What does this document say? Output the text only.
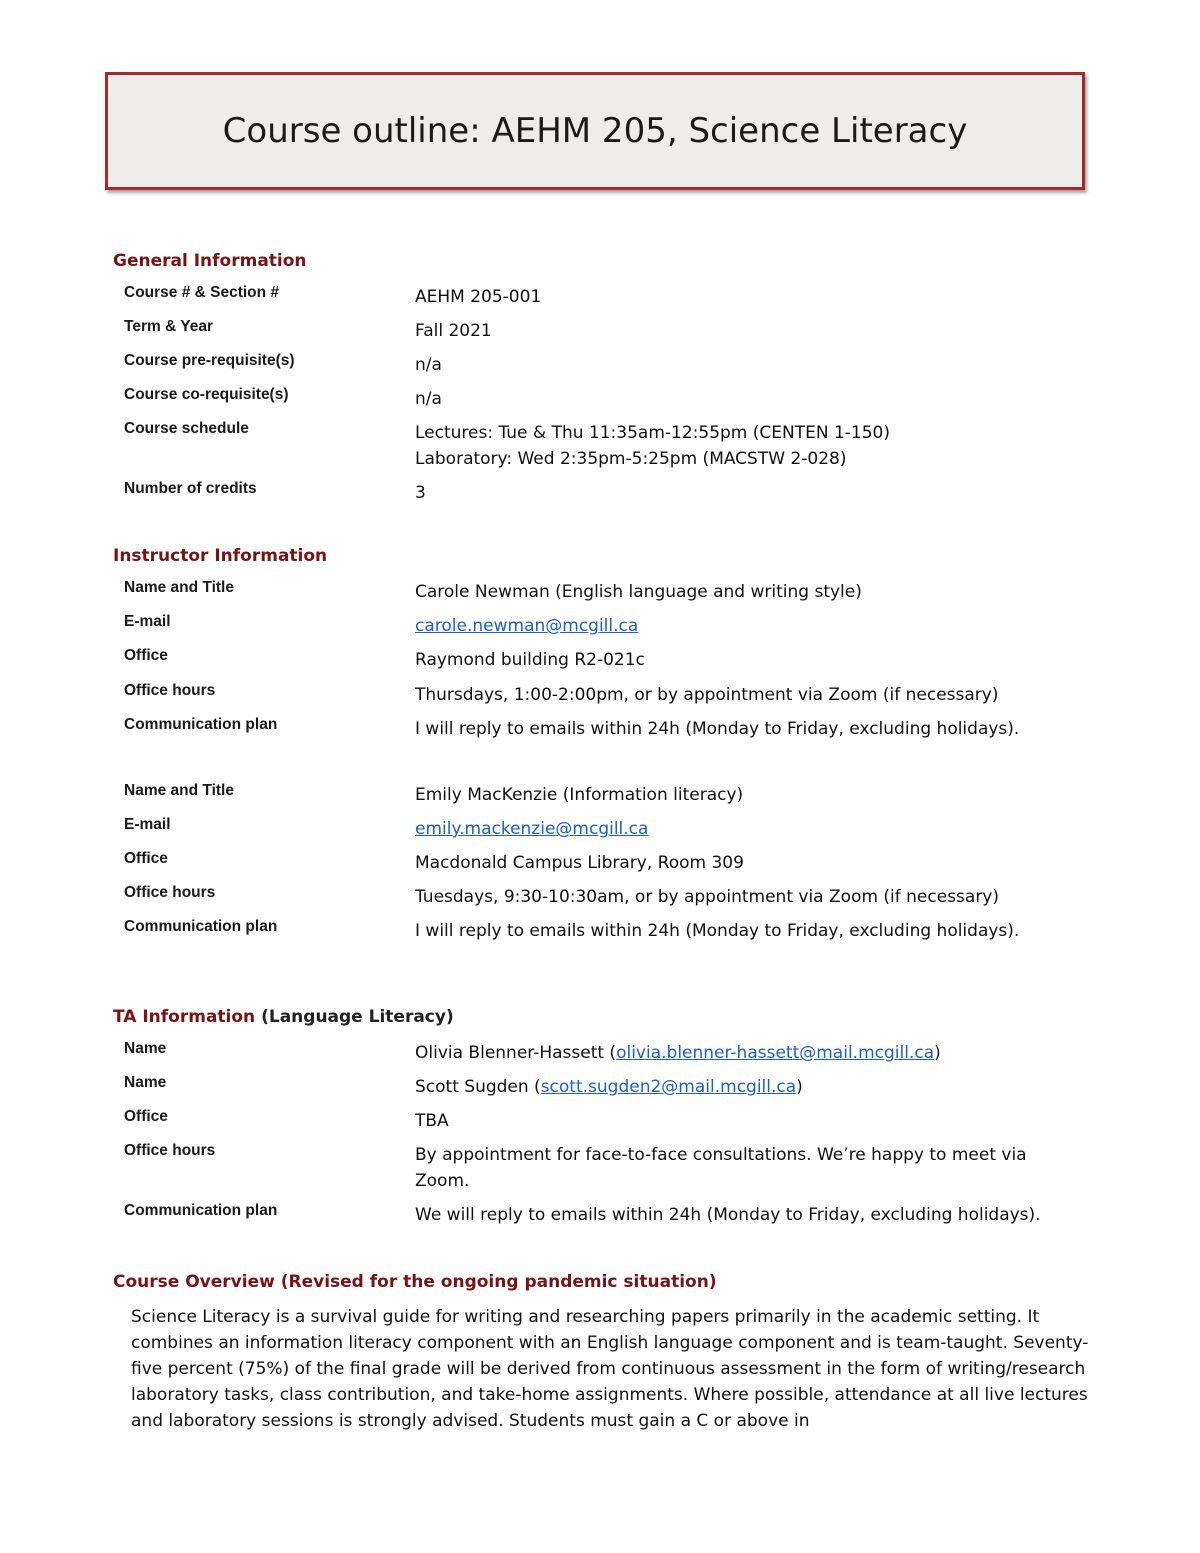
Course outline: AEHM 205, Science Literacy
General Information
Course # & Section #	AEHM 205-001
Term & Year	Fall 2021
Course pre-requisite(s)	n/a
Course co-requisite(s)	n/a
Course schedule	Lectures: Tue & Thu 11:35am-12:55pm (CENTEN 1-150)
Laboratory: Wed 2:35pm-5:25pm (MACSTW 2-028)
Number of credits	3
Instructor Information
Name and Title	Carole Newman (English language and writing style)
E-mail	carole.newman@mcgill.ca
Office	Raymond building R2-021c
Office hours	Thursdays, 1:00-2:00pm, or by appointment via Zoom (if necessary)
Communication plan	I will reply to emails within 24h (Monday to Friday, excluding holidays).
Name and Title	Emily MacKenzie (Information literacy)
E-mail	emily.mackenzie@mcgill.ca
Office	Macdonald Campus Library, Room 309
Office hours	Tuesdays, 9:30-10:30am, or by appointment via Zoom (if necessary)
Communication plan	I will reply to emails within 24h (Monday to Friday, excluding holidays).
TA Information (Language Literacy)
Name	Olivia Blenner-Hassett (olivia.blenner-hassett@mail.mcgill.ca)
Name	Scott Sugden (scott.sugden2@mail.mcgill.ca)
Office	TBA
Office hours	By appointment for face-to-face consultations. We’re happy to meet via Zoom.
Communication plan	We will reply to emails within 24h (Monday to Friday, excluding holidays).
Course Overview (Revised for the ongoing pandemic situation)

Science Literacy is a survival guide for writing and researching papers primarily in the academic setting. It combines an information literacy component with an English language component and is team-taught. Seventy-five percent (75%) of the final grade will be derived from continuous assessment in the form of writing/research laboratory tasks, class contribution, and take-home assignments. Where possible, attendance at all live lectures and laboratory sessions is strongly advised. Students must gain a C or above in
